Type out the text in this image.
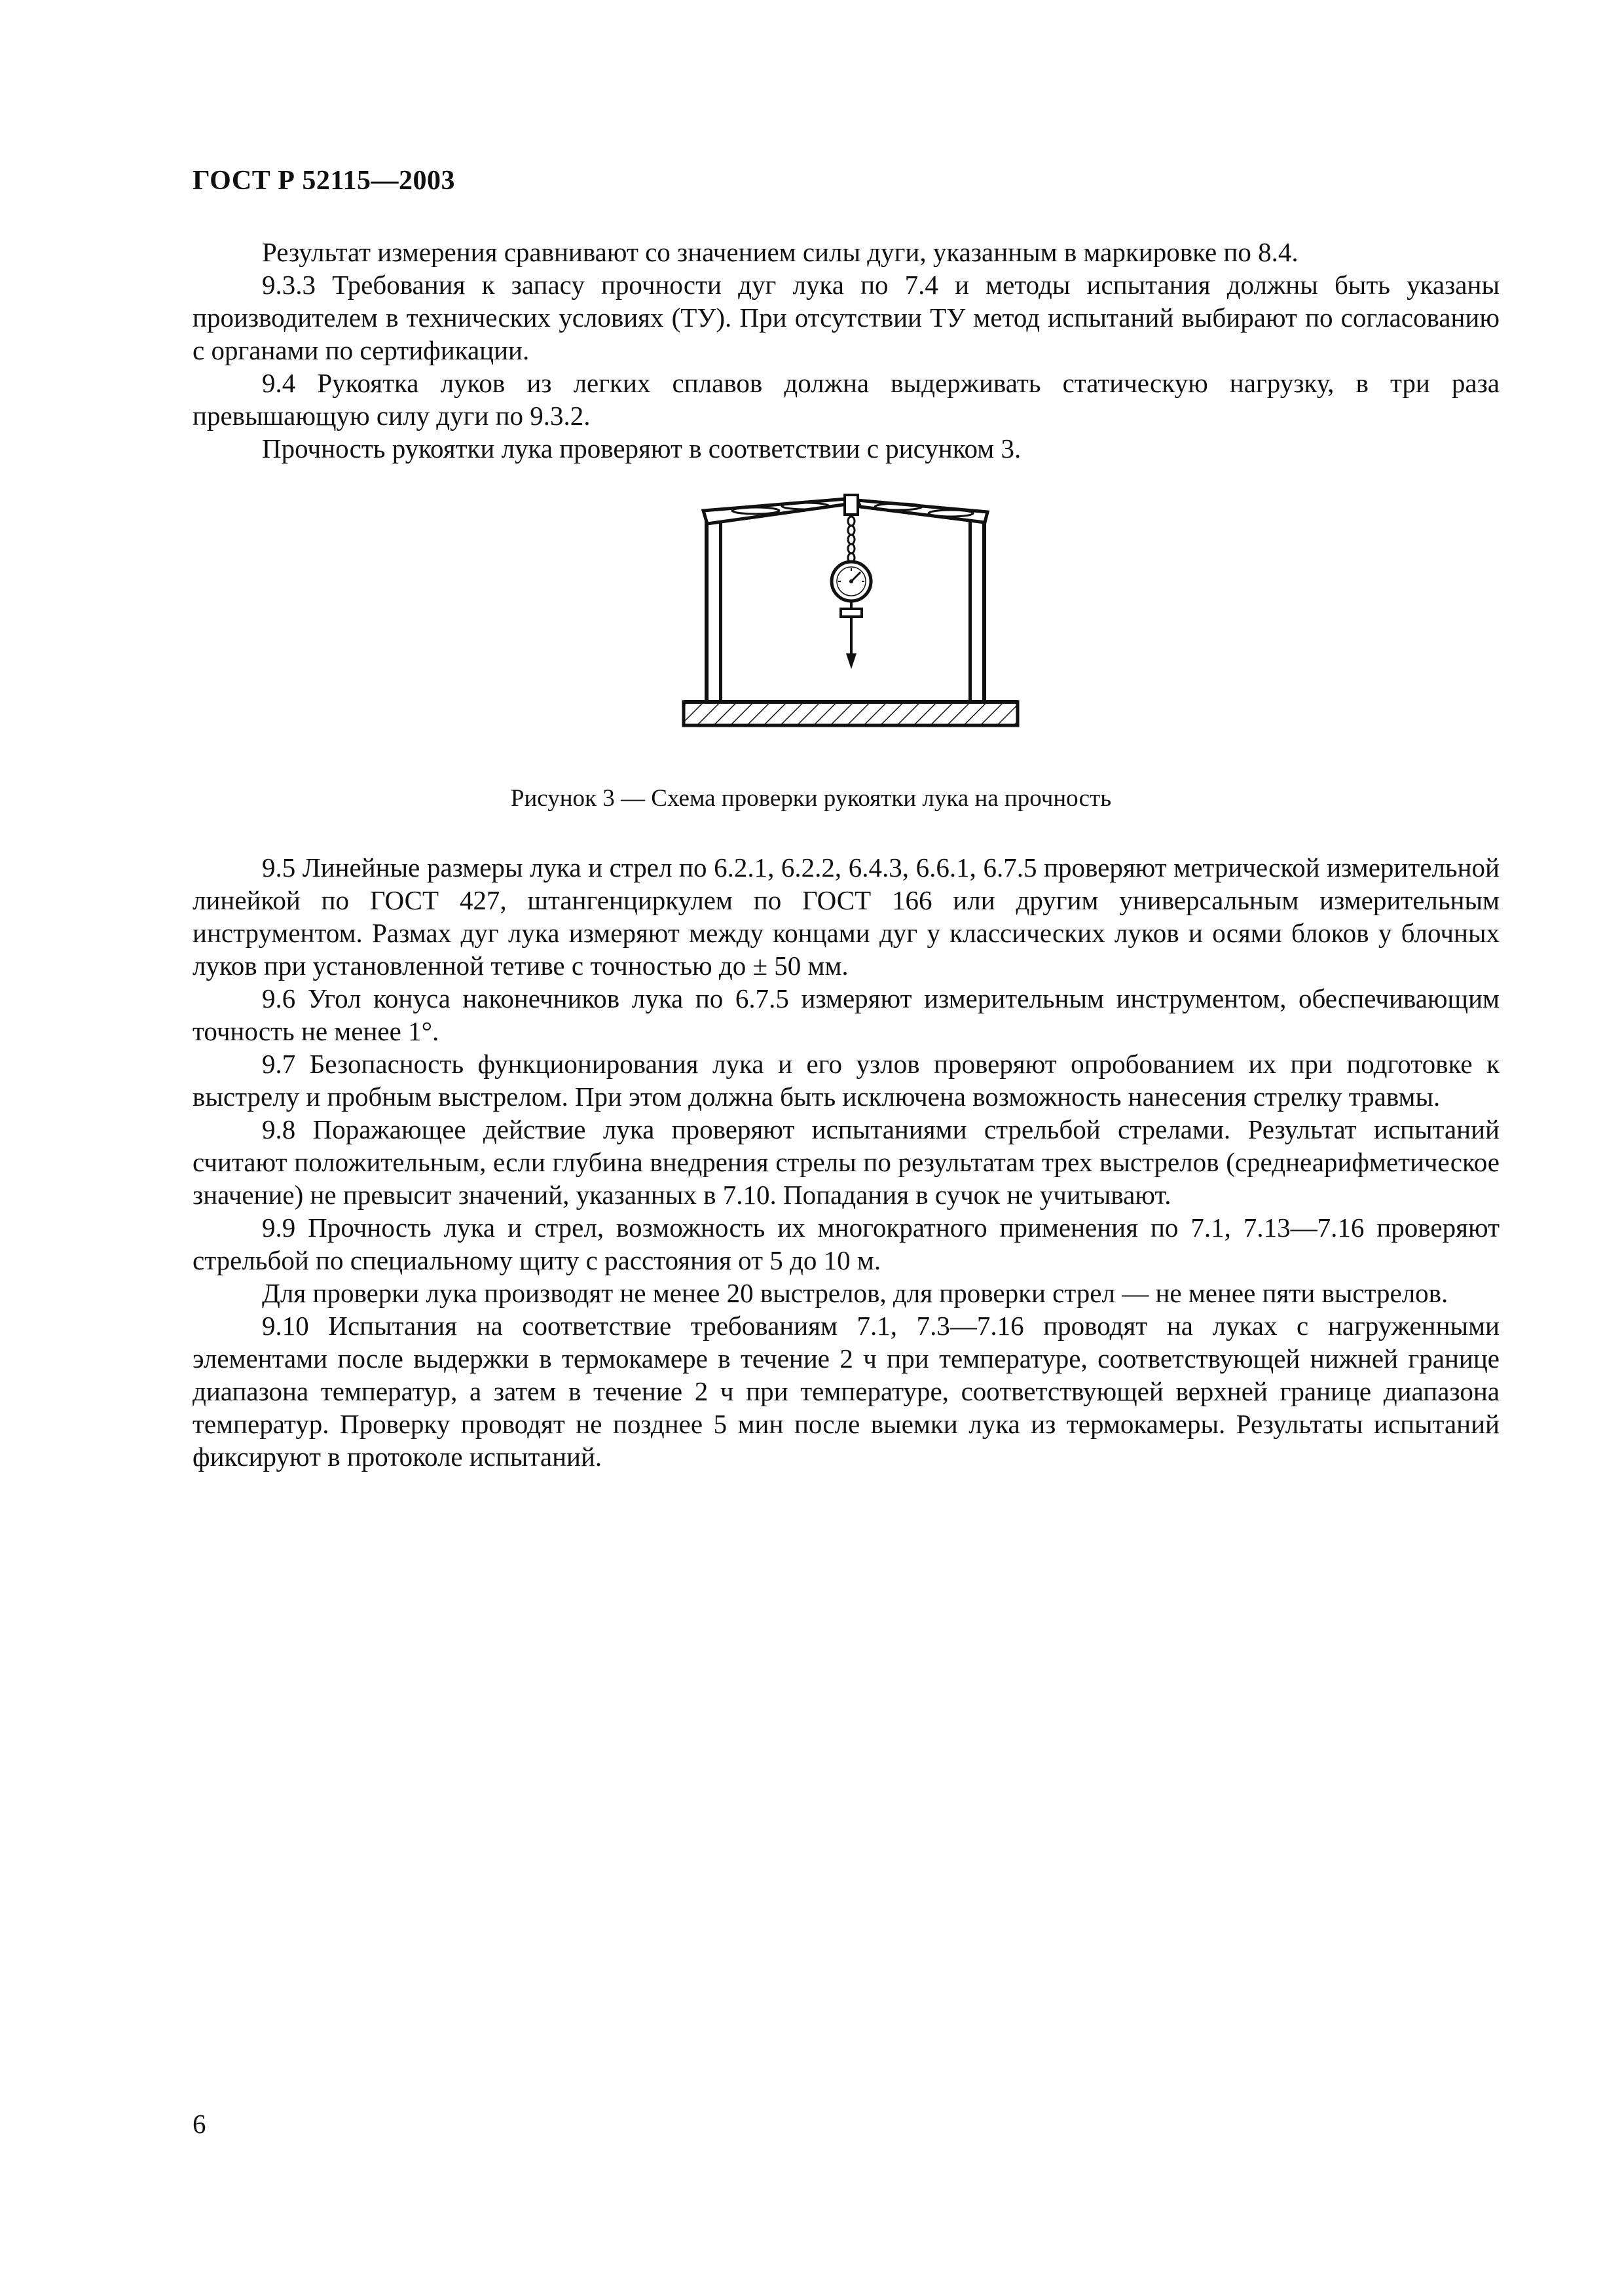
ГОСТ Р 52115—2003

Результат измерения сравнивают со значением силы дуги, указанным в маркировке по 8.4.

9.3.3 Требования к запасу прочности дуг лука по 7.4 и методы испытания должны быть указаны производителем в технических условиях (ТУ). При отсутствии ТУ метод испытаний выбирают по согласованию с органами по сертификации.

9.4 Рукоятка луков из легких сплавов должна выдерживать статическую нагрузку, в три раза превышающую силу дуги по 9.3.2.

Прочность рукоятки лука проверяют в соответствии с рисунком 3.

Рисунок 3 — Схема проверки рукоятки лука на прочность

9.5 Линейные размеры лука и стрел по 6.2.1, 6.2.2, 6.4.3, 6.6.1, 6.7.5 проверяют метрической измерительной линейкой по ГОСТ 427, штангенциркулем по ГОСТ 166 или другим универсальным измерительным инструментом. Размах дуг лука измеряют между концами дуг у классических луков и осями блоков у блочных луков при установленной тетиве с точностью до ± 50 мм.

9.6 Угол конуса наконечников лука по 6.7.5 измеряют измерительным инструментом, обеспечивающим точность не менее 1°.

9.7 Безопасность функционирования лука и его узлов проверяют опробованием их при подготовке к выстрелу и пробным выстрелом. При этом должна быть исключена возможность нанесения стрелку травмы.

9.8 Поражающее действие лука проверяют испытаниями стрельбой стрелами. Результат испытаний считают положительным, если глубина внедрения стрелы по результатам трех выстрелов (среднеарифметическое значение) не превысит значений, указанных в 7.10. Попадания в сучок не учитывают.

9.9 Прочность лука и стрел, возможность их многократного применения по 7.1, 7.13—7.16 проверяют стрельбой по специальному щиту с расстояния от 5 до 10 м.

Для проверки лука производят не менее 20 выстрелов, для проверки стрел — не менее пяти выстрелов.

9.10 Испытания на соответствие требованиям 7.1, 7.3—7.16 проводят на луках с нагруженными элементами после выдержки в термокамере в течение 2 ч при температуре, соответствующей нижней границе диапазона температур, а затем в течение 2 ч при температуре, соответствующей верхней границе диапазона температур. Проверку проводят не позднее 5 мин после выемки лука из термокамеры. Результаты испытаний фиксируют в протоколе испытаний.

6
